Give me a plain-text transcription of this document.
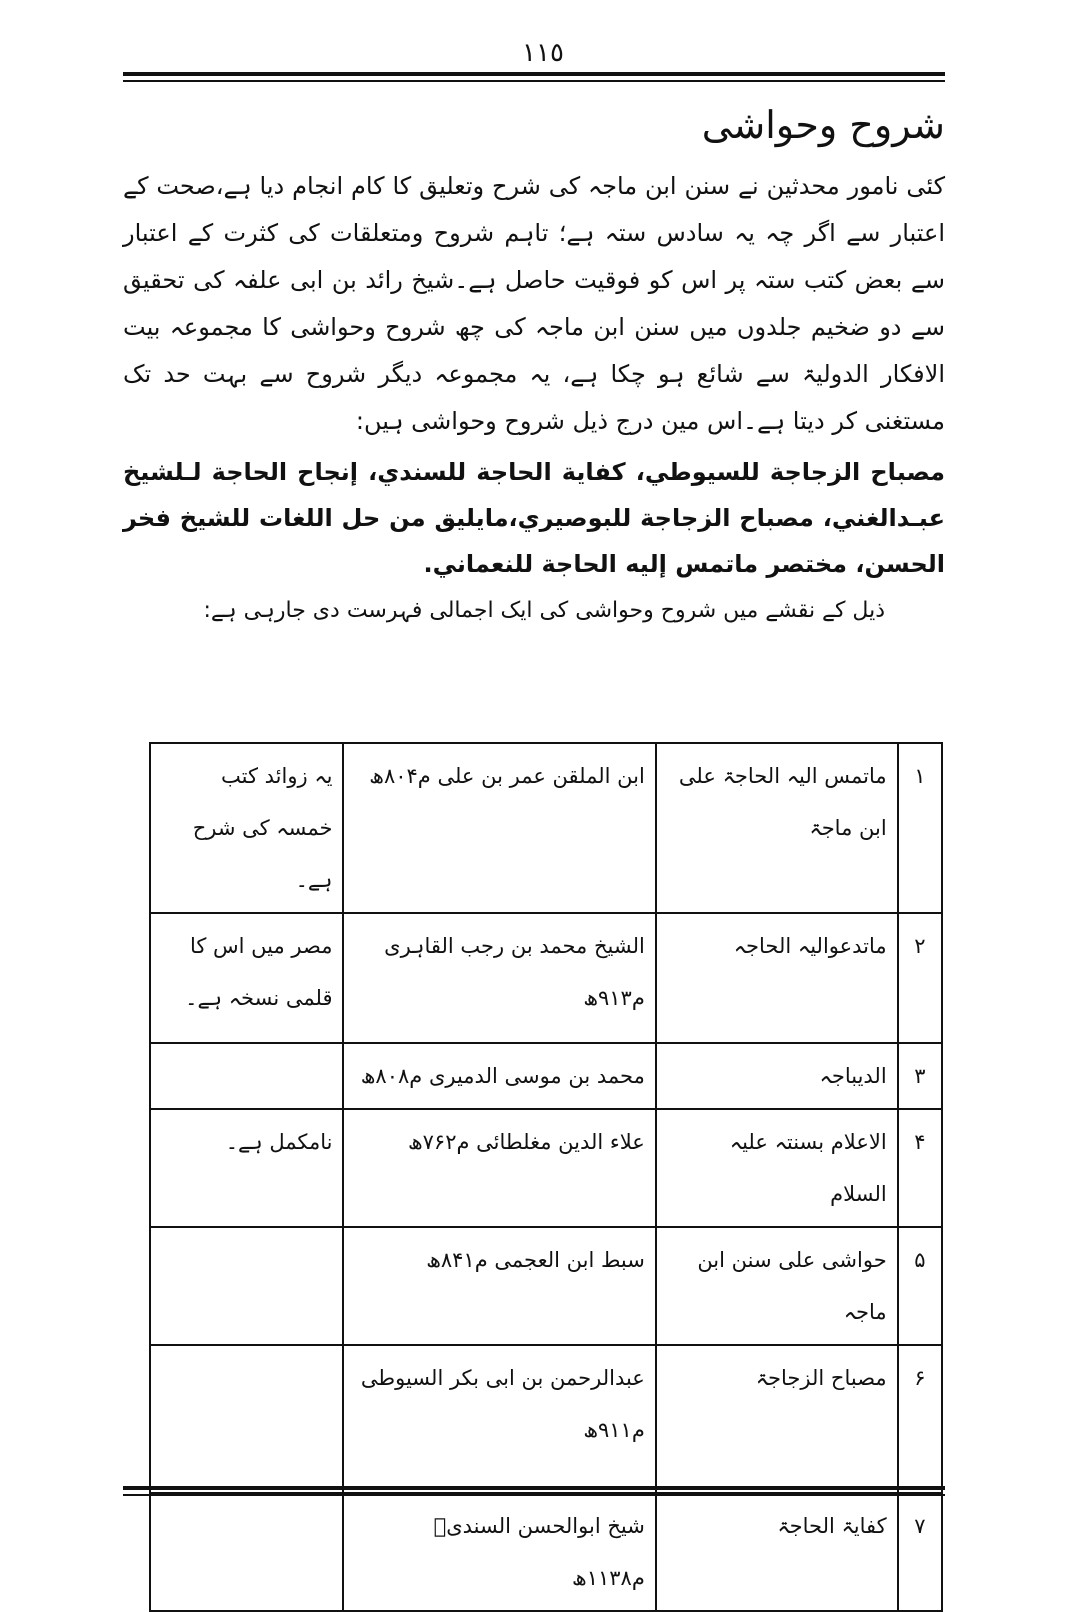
١١٥
شروح وحواشی

کئی نامور محدثین نے سنن ابن ماجہ کی شرح وتعلیق کا کام انجام دیا ہے،صحت کے اعتبار سے اگر چہ یہ سادس ستہ ہے؛ تاہم شروح ومتعلقات کی کثرت کے اعتبار سے بعض کتب ستہ پر اس کو فوقیت حاصل ہے۔شیخ رائد بن ابی علفہ کی تحقیق سے دو ضخیم جلدوں میں سنن ابن ماجہ کی چھ شروح وحواشی کا مجموعہ بیت الافکار الدولیۃ سے شائع ہو چکا ہے، یہ مجموعہ دیگر شروح سے بہت حد تک مستغنی کر دیتا ہے۔اس مین درج ذیل شروح وحواشی ہیں:

مصباح الزجاجة للسيوطي، كفاية الحاجة للسندي، إنجاح الحاجة لـلشيخ عبـدالغني، مصباح الزجاجة للبوصيري،مايليق من حل اللغات للشيخ فخر الحسن، مختصر ماتمس إليه الحاجة للنعماني.

ذیل کے نقشے میں شروح وحواشی کی ایک اجمالی فہرست دی جارہی ہے:

۱	ماتمس الیہ الحاجۃ علی ابن ماجۃ	ابن الملقن عمر بن علی م۸۰۴ھ	یہ زوائد کتب خمسہ کی شرح ہے۔
۲	ماتدعوالیہ الحاجہ	الشیخ محمد بن رجب القاہری م۹۱۳ھ	مصر میں اس کا قلمی نسخہ ہے۔
۳	الدیباجہ	محمد بن موسی الدمیری م۸۰۸ھ	
۴	الاعلام بسنتہ علیہ السلام	علاء الدین مغلطائی م۷۶۲ھ	نامکمل ہے۔
۵	حواشی علی سنن ابن ماجہ	سبط ابن العجمی م۸۴۱ھ	
۶	مصباح الزجاجۃ	عبدالرحمن بن ابی بکر السیوطی م۹۱۱ھ	
۷	کفایۃ الحاجۃ	شیخ ابوالحسن السندیؒ م۱۱۳۸ھ	
